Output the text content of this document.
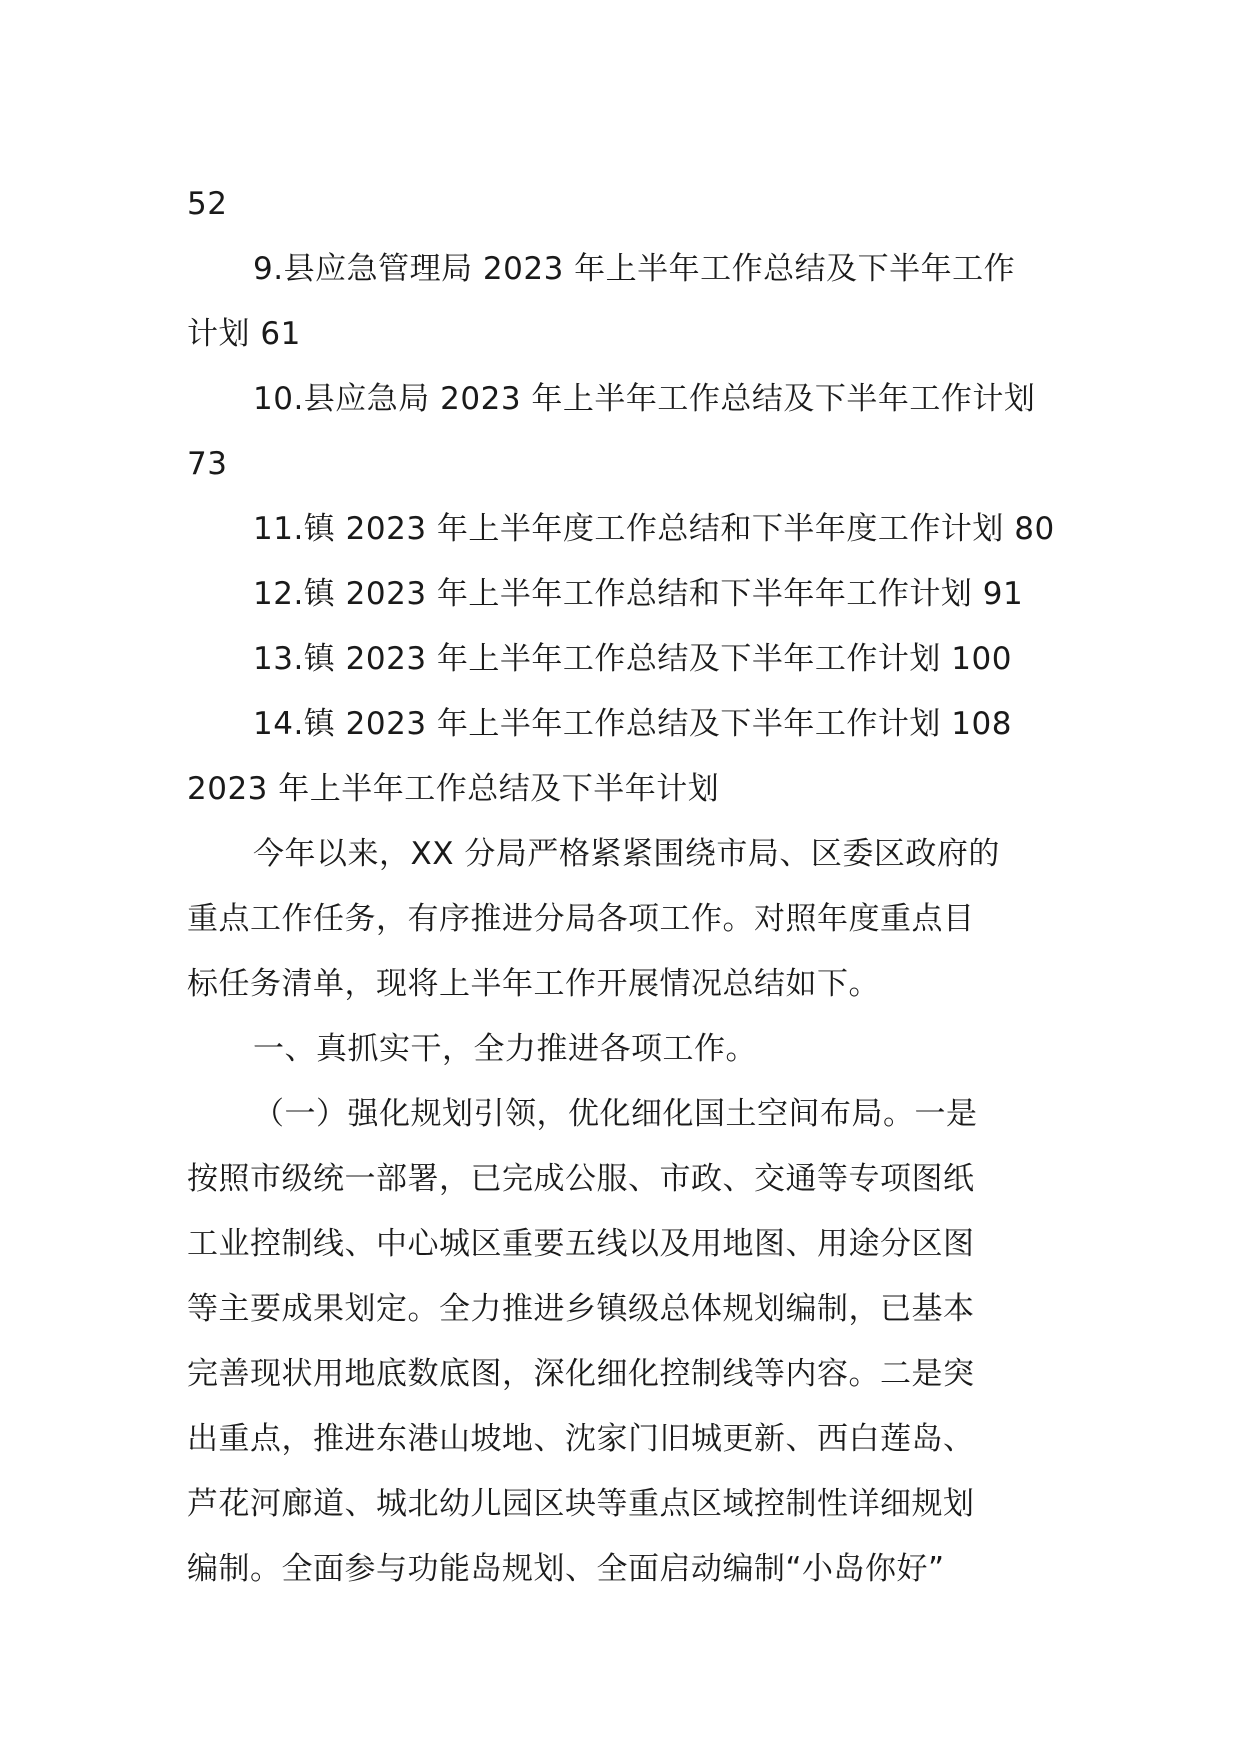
52
9.县应急管理局 2023 年上半年工作总结及下半年工作
计划 61
10.县应急局 2023 年上半年工作总结及下半年工作计划
73
11.镇 2023 年上半年度工作总结和下半年度工作计划 80
12.镇 2023 年上半年工作总结和下半年年工作计划 91
13.镇 2023 年上半年工作总结及下半年工作计划 100
14.镇 2023 年上半年工作总结及下半年工作计划 108
2023 年上半年工作总结及下半年计划
今年以来，XX 分局严格紧紧围绕市局、区委区政府的
重点工作任务，有序推进分局各项工作。对照年度重点目
标任务清单，现将上半年工作开展情况总结如下。
一、真抓实干，全力推进各项工作。
（一）强化规划引领，优化细化国土空间布局。一是
按照市级统一部署，已完成公服、市政、交通等专项图纸
工业控制线、中心城区重要五线以及用地图、用途分区图
等主要成果划定。全力推进乡镇级总体规划编制，已基本
完善现状用地底数底图，深化细化控制线等内容。二是突
出重点，推进东港山坡地、沈家门旧城更新、西白莲岛、
芦花河廊道、城北幼儿园区块等重点区域控制性详细规划
编制。全面参与功能岛规划、全面启动编制“小岛你好”
